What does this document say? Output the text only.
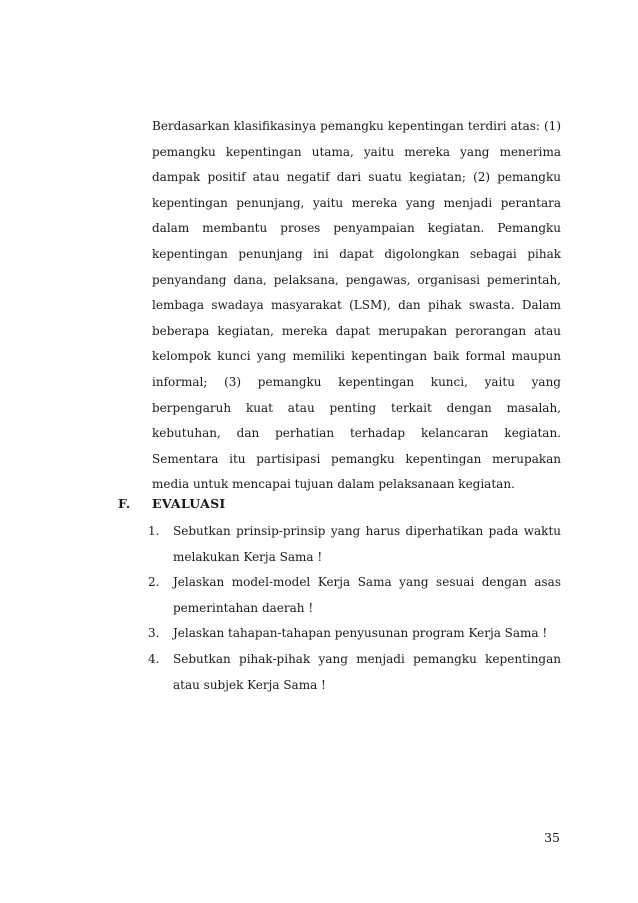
Berdasarkan klasifikasinya pemangku kepentingan terdiri atas: (1) pemangku kepentingan utama, yaitu mereka yang menerima dampak positif atau negatif dari suatu kegiatan; (2) pemangku kepentingan penunjang, yaitu mereka yang menjadi perantara dalam membantu proses penyampaian kegiatan. Pemangku kepentingan penunjang ini dapat digolongkan sebagai pihak penyandang dana, pelaksana, pengawas, organisasi pemerintah, lembaga swadaya masyarakat (LSM), dan pihak swasta. Dalam beberapa kegiatan, mereka dapat merupakan perorangan atau kelompok kunci yang memiliki kepentingan baik formal maupun informal; (3) pemangku kepentingan kunci, yaitu yang berpengaruh kuat atau penting terkait dengan masalah, kebutuhan, dan perhatian terhadap kelancaran kegiatan. Sementara itu partisipasi pemangku kepentingan merupakan media untuk mencapai tujuan dalam pelaksanaan kegiatan.

F. EVALUASI
1.	Sebutkan prinsip-prinsip yang harus diperhatikan pada waktu melakukan Kerja Sama !
2.	Jelaskan model-model Kerja Sama yang sesuai dengan asas pemerintahan daerah !
3.	Jelaskan tahapan-tahapan penyusunan program Kerja Sama !
4.	Sebutkan pihak-pihak yang menjadi pemangku kepentingan atau subjek Kerja Sama !

35
